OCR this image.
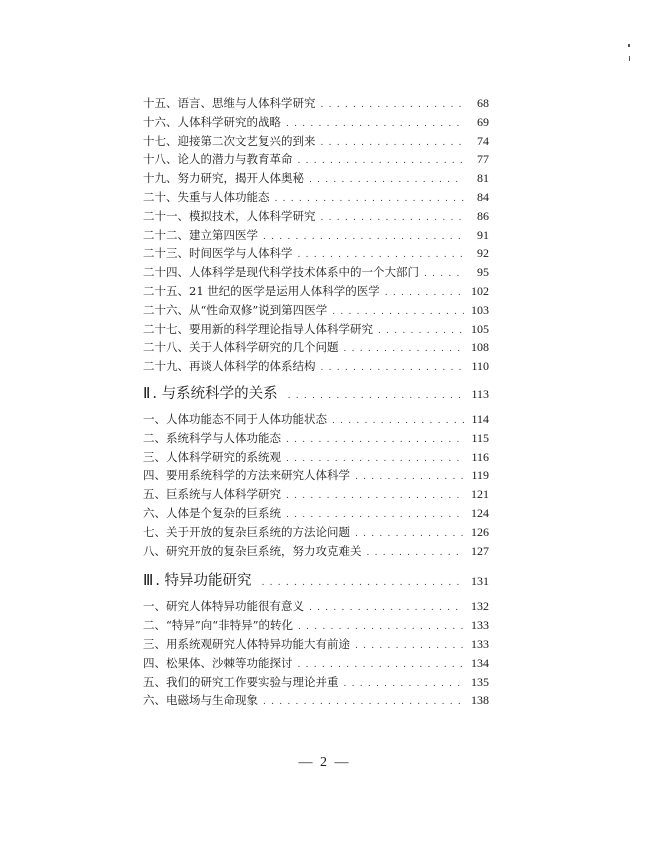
十五、语言、思维与人体科学研究 . . .	68
十六、人体科学研究的战略 . . .	69
十七、迎接第二次文艺复兴的到来 . . .	74
十八、论人的潜力与教育革命 . . .	77
十九、努力研究，揭开人体奥秘 . . .	81
二十、失重与人体功能态 . . .	84
二十一、模拟技术，人体科学研究 . . .	86
二十二、建立第四医学 . . .	91
二十三、时间医学与人体科学 . . .	92
二十四、人体科学是现代科学技术体系中的一个大部门 . . .	95
二十五、21 世纪的医学是运用人体科学的医学 . . .	102
二十六、从“性命双修”说到第四医学 . . .	103
二十七、要用新的科学理论指导人体科学研究 . . .	105
二十八、关于人体科学研究的几个问题 . . .	108
二十九、再谈人体科学的体系结构 . . .	110
Ⅱ . 与系统科学的关系 . . .	113
一、人体功能态不同于人体功能状态 . . .	114
二、系统科学与人体功能态 . . .	115
三、人体科学研究的系统观 . . .	116
四、要用系统科学的方法来研究人体科学 . . .	119
五、巨系统与人体科学研究 . . .	121
六、人体是个复杂的巨系统 . . .	124
七、关于开放的复杂巨系统的方法论问题 . . .	126
八、研究开放的复杂巨系统，努力攻克难关 . . .	127
Ⅲ . 特异功能研究 . . .	131
一、研究人体特异功能很有意义 . . .	132
二、“特异”向“非特异”的转化 . . .	133
三、用系统观研究人体特异功能大有前途 . . .	133
四、松果体、沙棘等功能探讨 . . .	134
五、我们的研究工作要实验与理论并重 . . .	135
六、电磁场与生命现象 . . .	138
— 2 —
